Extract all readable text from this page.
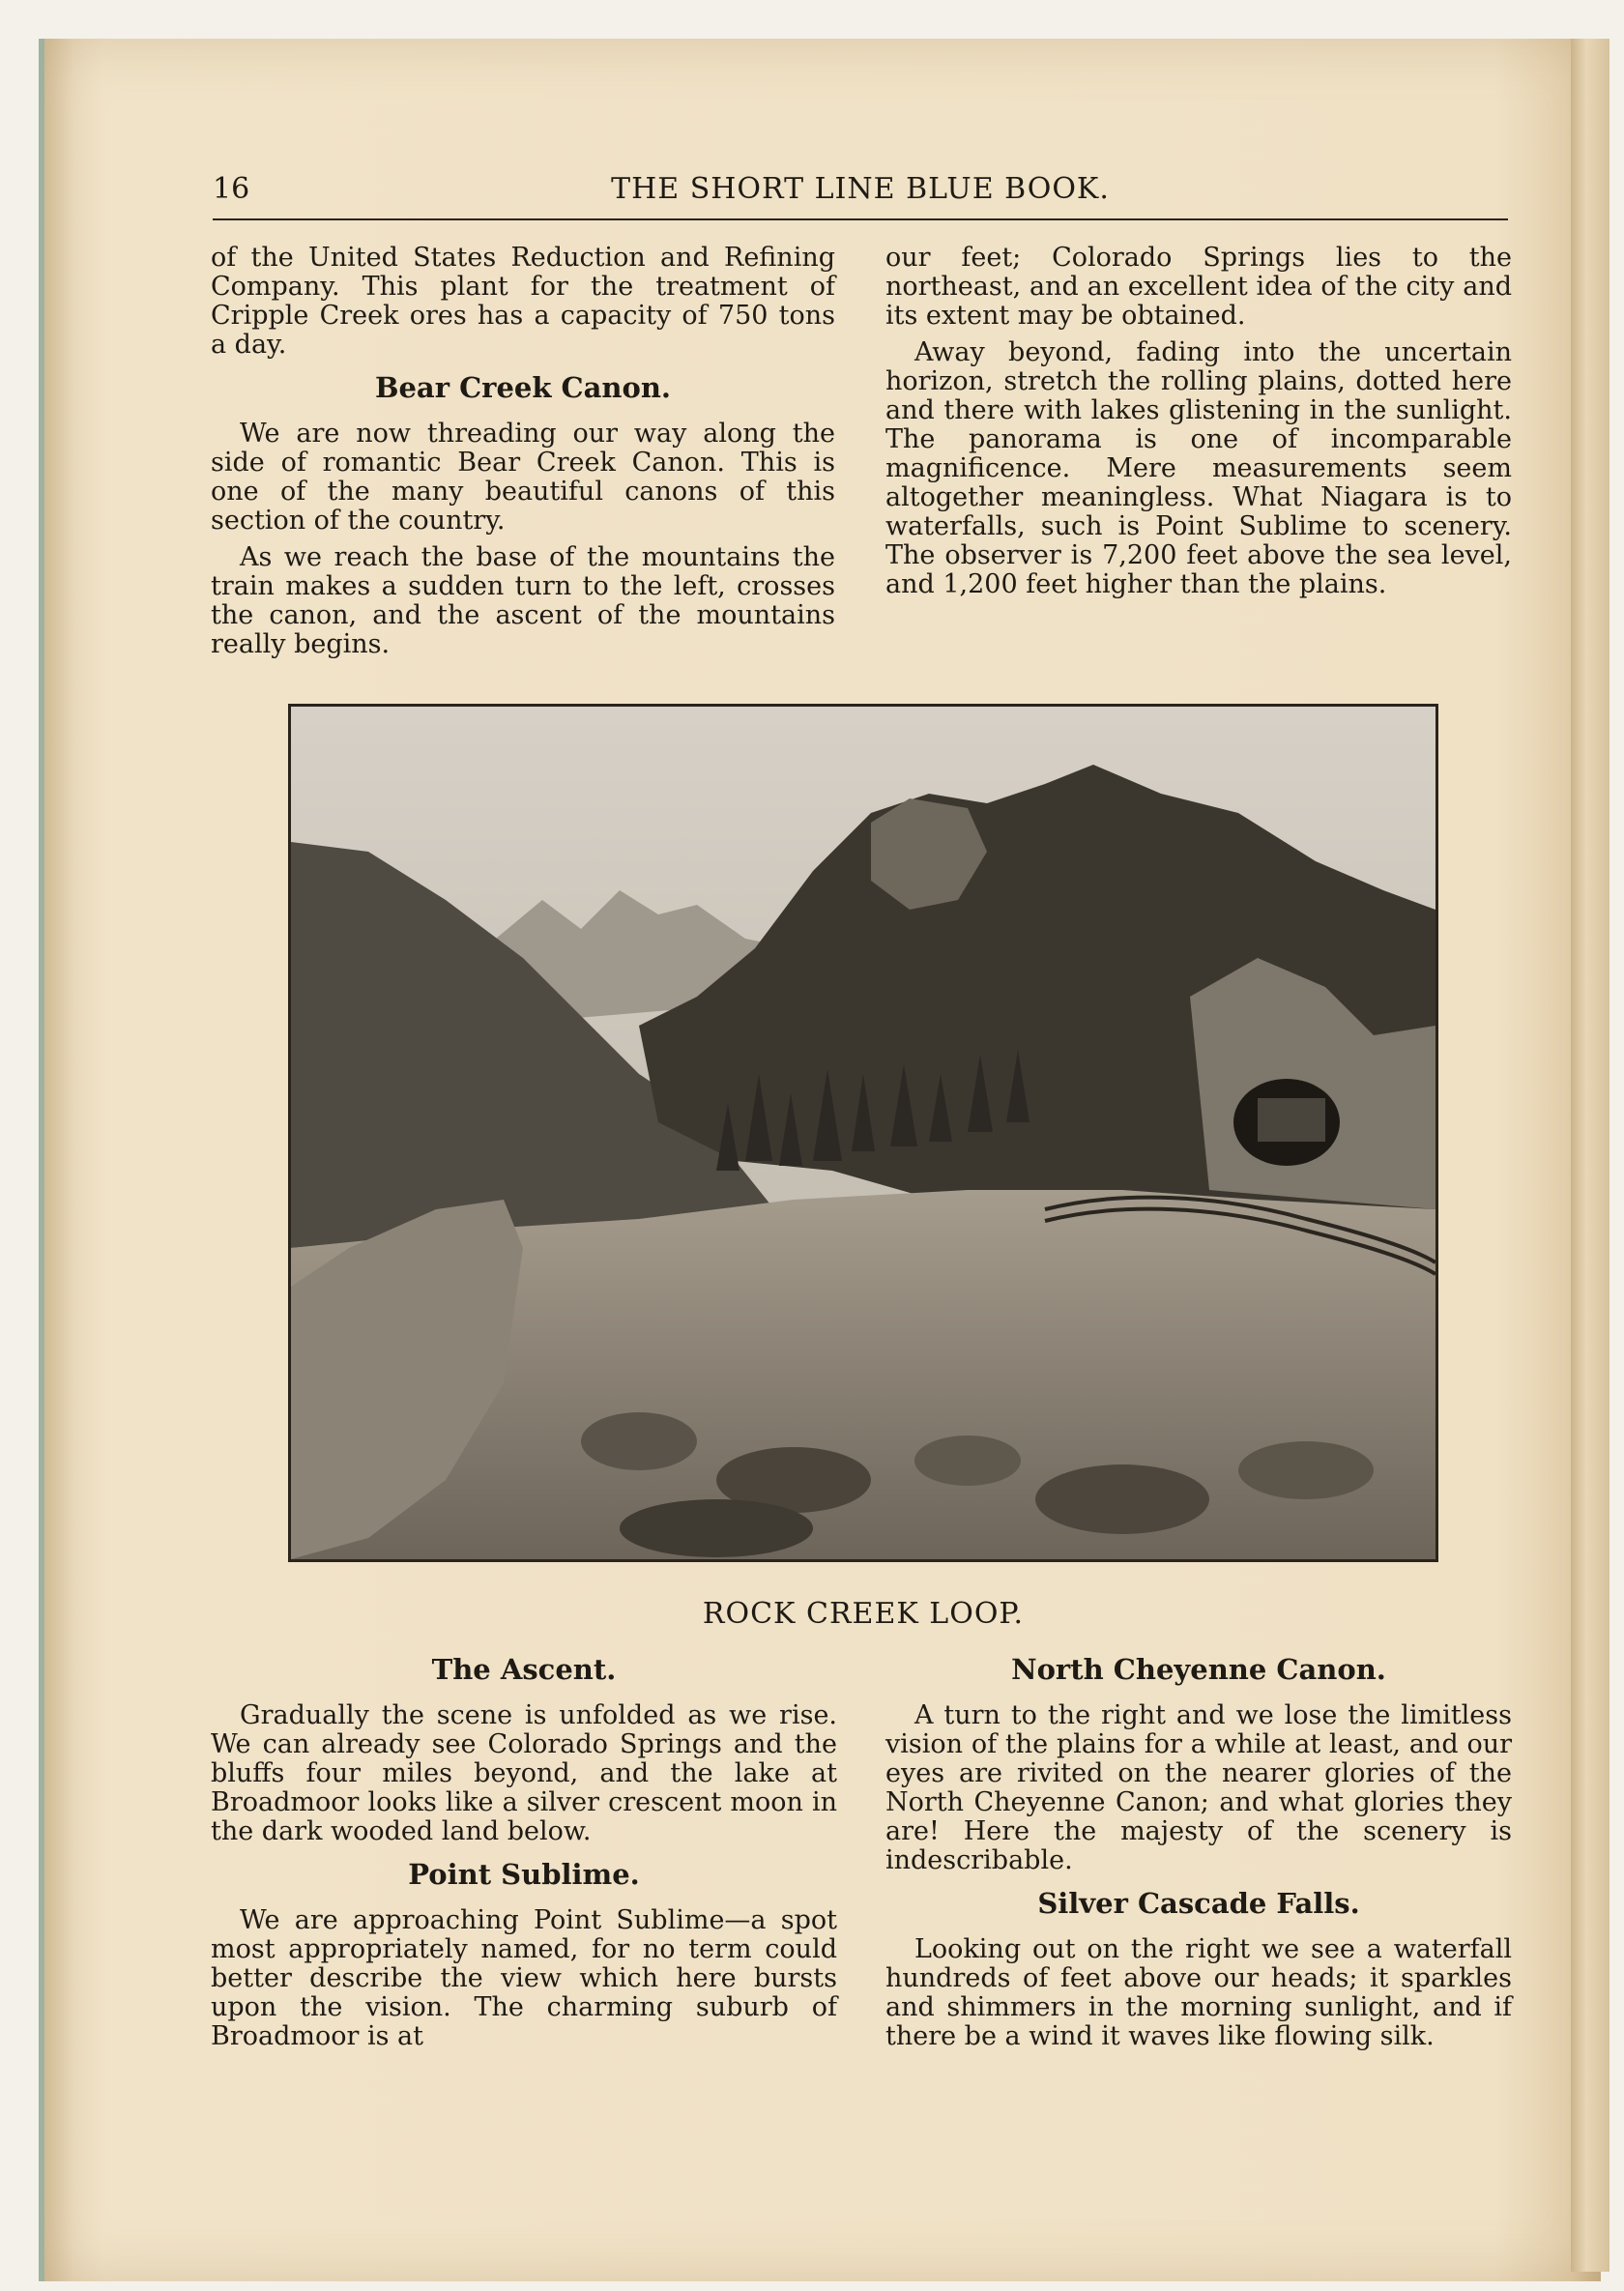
16	THE SHORT LINE BLUE BOOK.

of the United States Reduction and Refining Company. This plant for the treatment of Cripple Creek ores has a capacity of 750 tons a day.

Bear Creek Canon.

We are now threading our way along the side of romantic Bear Creek Canon. This is one of the many beautiful canons of this section of the country.

As we reach the base of the mountains the train makes a sudden turn to the left, crosses the canon, and the ascent of the mountains really begins.

our feet; Colorado Springs lies to the northeast, and an excellent idea of the city and its extent may be obtained.

Away beyond, fading into the uncertain horizon, stretch the rolling plains, dotted here and there with lakes glistening in the sunlight. The panorama is one of incomparable magnificence. Mere measurements seem altogether meaningless. What Niagara is to waterfalls, such is Point Sublime to scenery. The observer is 7,200 feet above the sea level, and 1,200 feet higher than the plains.

ROCK CREEK LOOP.
The Ascent.

Gradually the scene is unfolded as we rise. We can already see Colorado Springs and the bluffs four miles beyond, and the lake at Broadmoor looks like a silver crescent moon in the dark wooded land below.

Point Sublime.

We are approaching Point Sublime—a spot most appropriately named, for no term could better describe the view which here bursts upon the vision. The charming suburb of Broadmoor is at

North Cheyenne Canon.

A turn to the right and we lose the limitless vision of the plains for a while at least, and our eyes are rivited on the nearer glories of the North Cheyenne Canon; and what glories they are! Here the majesty of the scenery is indescribable.

Silver Cascade Falls.

Looking out on the right we see a waterfall hundreds of feet above our heads; it sparkles and shimmers in the morning sunlight, and if there be a wind it waves like flowing silk.
